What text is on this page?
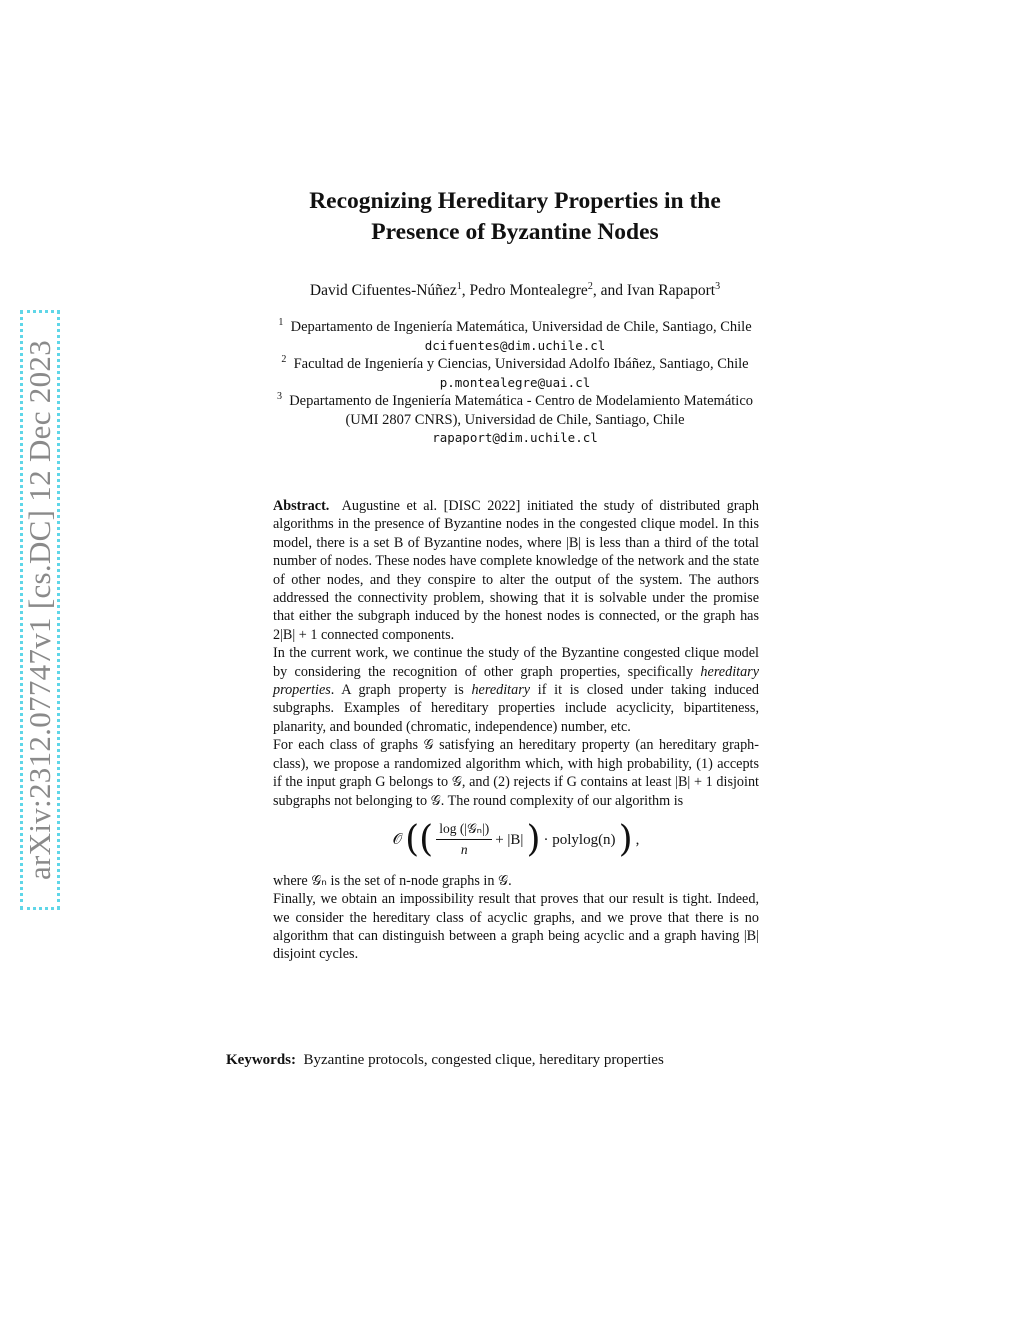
arXiv:2312.07747v1 [cs.DC] 12 Dec 2023
Recognizing Hereditary Properties in the
Presence of Byzantine Nodes
David Cifuentes-Núñez$^1$, Pedro Montealegre$^2$, and Ivan Rapaport$^3$
$^1$ Departamento de Ingeniería Matemática, Universidad de Chile, Santiago, Chile
dcifuentes@dim.uchile.cl
$^2$ Facultad de Ingeniería y Ciencias, Universidad Adolfo Ibáñez, Santiago, Chile
p.montealegre@uai.cl
$^3$ Departamento de Ingeniería Matemática - Centro de Modelamiento Matemático
(UMI 2807 CNRS), Universidad de Chile, Santiago, Chile
rapaport@dim.uchile.cl

Abstract. Augustine et al. [DISC 2022] initiated the study of distributed graph algorithms in the presence of Byzantine nodes in the congested clique model. In this model, there is a set B of Byzantine nodes, where |B| is less than a third of the total number of nodes. These nodes have complete knowledge of the network and the state of other nodes, and they conspire to alter the output of the system. The authors addressed the connectivity problem, showing that it is solvable under the promise that either the subgraph induced by the honest nodes is connected, or the graph has 2|B| + 1 connected components.

In the current work, we continue the study of the Byzantine congested clique model by considering the recognition of other graph properties, specifically hereditary properties. A graph property is hereditary if it is closed under taking induced subgraphs. Examples of hereditary properties include acyclicity, bipartiteness, planarity, and bounded (chromatic, independence) number, etc.

For each class of graphs 𝒢 satisfying an hereditary property (an hereditary graph-class), we propose a randomized algorithm which, with high probability, (1) accepts if the input graph G belongs to 𝒢, and (2) rejects if G contains at least |B| + 1 disjoint subgraphs not belonging to 𝒢. The round complexity of our algorithm is

𝒪 (( $\frac{\text{log (|𝒢ₙ|)}}{n} + |B|$ ) · polylog(n) ) ,

where 𝒢ₙ is the set of n-node graphs in 𝒢.

Finally, we obtain an impossibility result that proves that our result is tight. Indeed, we consider the hereditary class of acyclic graphs, and we prove that there is no algorithm that can distinguish between a graph being acyclic and a graph having |B| disjoint cycles.

Keywords: Byzantine protocols, congested clique, hereditary properties
